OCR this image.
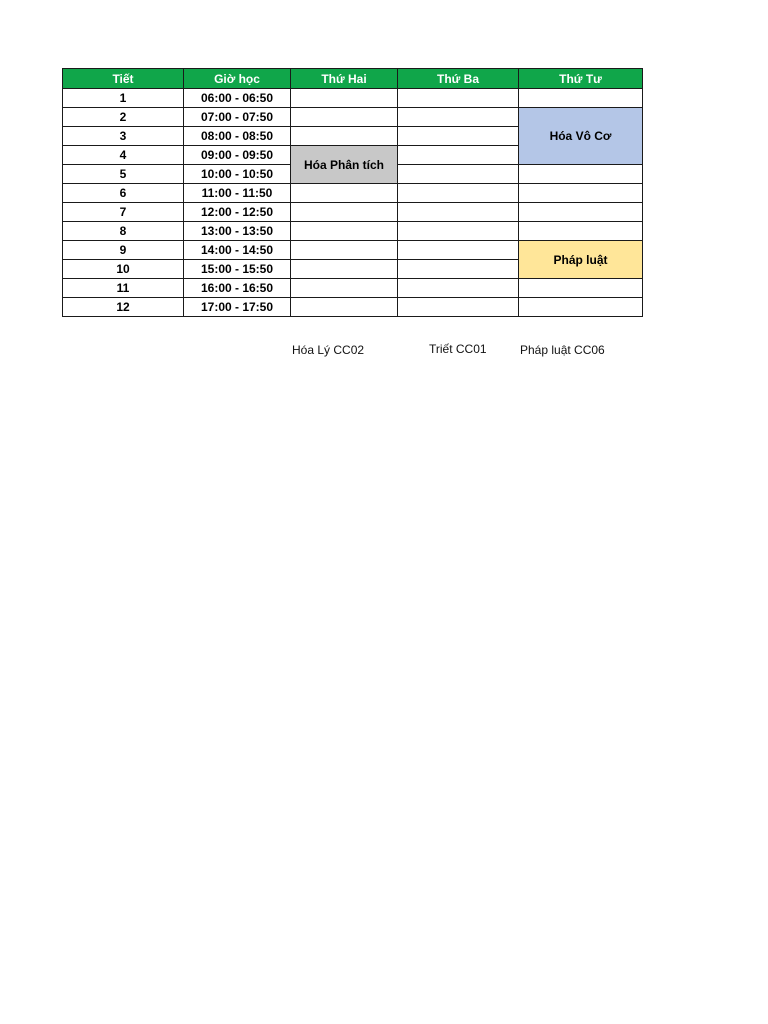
Tiết	Giờ học	Thứ Hai	Thứ Ba	Thứ Tư
1	06:00 - 06:50			
2	07:00 - 07:50			Hóa Vô Cơ
3	08:00 - 08:50			
4	09:00 - 09:50	Hóa Phân tích		
5	10:00 - 10:50			
6	11:00 - 11:50			
7	12:00 - 12:50			
8	13:00 - 13:50			
9	14:00 - 14:50			Pháp luật
10	15:00 - 15:50			
11	16:00 - 16:50			
12	17:00 - 17:50			
Hóa Lý CC02	Triết CC01	Pháp luật CC06
